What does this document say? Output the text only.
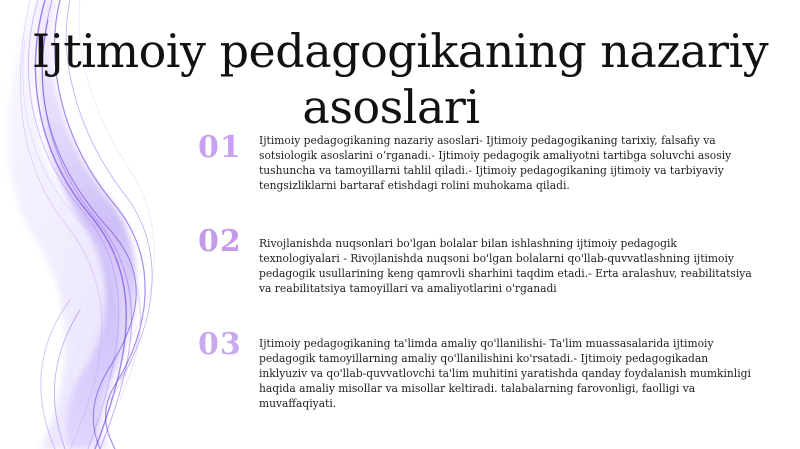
Ijtimoiy pedagogikaning nazariy
asoslari
01 Ijtimoiy pedagogikaning nazariy asoslari- Ijtimoiy pedagogikaning tarixiy, falsafiy va sotsiologik asoslarini o‘rganadi.- Ijtimoiy pedagogik amaliyotni tartibga soluvchi asosiy tushuncha va tamoyillarni tahlil qiladi.- Ijtimoiy pedagogikaning ijtimoiy va tarbiyaviy tengsizliklarni bartaraf etishdagi rolini muhokama qiladi.

02 Rivojlanishda nuqsonlari bo'lgan bolalar bilan ishlashning ijtimoiy pedagogik texnologiyalari - Rivojlanishda nuqsoni bo'lgan bolalarni qo'llab-quvvatlashning ijtimoiy pedagogik usullarining keng qamrovli sharhini taqdim etadi.- Erta aralashuv, reabilitatsiya va reabilitatsiya tamoyillari va amaliyotlarini o'rganadi

03 Ijtimoiy pedagogikaning ta'limda amaliy qo'llanilishi- Ta'lim muassasalarida ijtimoiy pedagogik tamoyillarning amaliy qo'llanilishini ko'rsatadi.- Ijtimoiy pedagogikadan inklyuziv va qo'llab-quvvatlovchi ta'lim muhitini yaratishda qanday foydalanish mumkinligi haqida amaliy misollar va misollar keltiradi. talabalarning farovonligi, faolligi va muvaffaqiyati.
